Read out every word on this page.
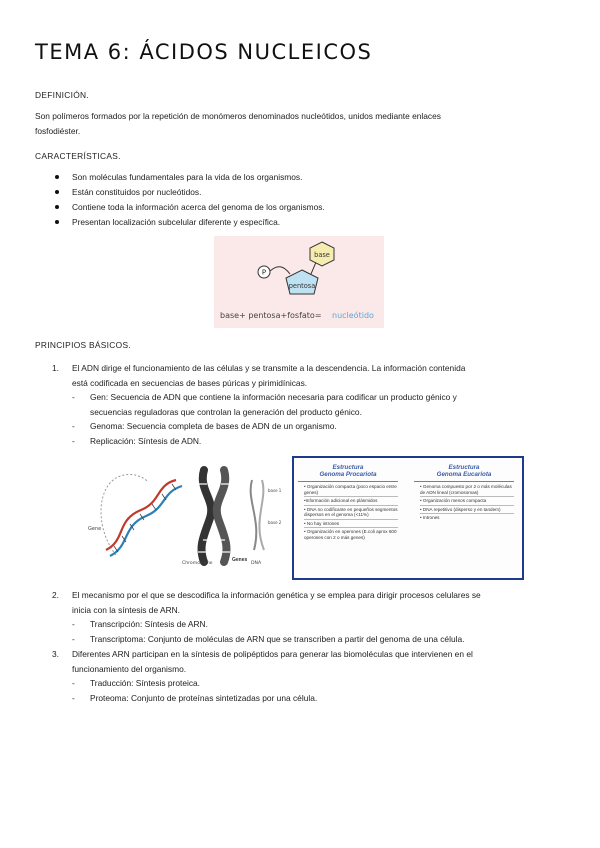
TEMA 6: ÁCIDOS NUCLEICOS
DEFINICIÓN.
Son polímeros formados por la repetición de monómeros denominados nucleótidos, unidos mediante enlaces
fosfodiéster.
CARACTERÍSTICAS.
Son moléculas fundamentales para la vida de los organismos.
Están constituidos por nucleótidos.
Contiene toda la información acerca del genoma de los organismos.
Presentan localización subcelular diferente y específica.
P
base
pentosa
base+ pentosa+fosfato= nucleótido
PRINCIPIOS BÁSICOS.
1.	El ADN dirige el funcionamiento de las células y se transmite a la descendencia. La información contenida
está codificada en secuencias de bases púricas y pirimidínicas.
- Gen: Secuencia de ADN que contiene la información necesaria para codificar un producto génico y
secuencias reguladoras que controlan la generación del producto génico.
- Genoma: Secuencia completa de bases de ADN de un organismo.
- Replicación: Síntesis de ADN.
Gene
Chromosome	DNA
base 1
base 2
Genes
Estructura
Genoma Procariota
• Organización compacta (poco espacio entre genes)
•Información adicional en plásmidos
• DNA no codificante en pequeños segmentos dispersos en el genoma (<11%)
• No hay intrones
• Organización en operones (E.coli aprox 600 operones con 2 o más genes)
Estructura
Genoma Eucariota
• Genoma compuesto por 2 o más moléculas de ADN lineal (cromosomas)
• Organización menos compacta
• DNA repetitivo (disperso y en tandem)
• Intrones
2.	El mecanismo por el que se descodifica la información genética y se emplea para dirigir procesos celulares se
inicia con la síntesis de ARN.
- Transcripción: Síntesis de ARN.
- Transcriptoma: Conjunto de moléculas de ARN que se transcriben a partir del genoma de una célula.
3.	Diferentes ARN participan en la síntesis de polipéptidos para generar las biomoléculas que intervienen en el
funcionamiento del organismo.
- Traducción: Síntesis proteica.
- Proteoma: Conjunto de proteínas sintetizadas por una célula.
